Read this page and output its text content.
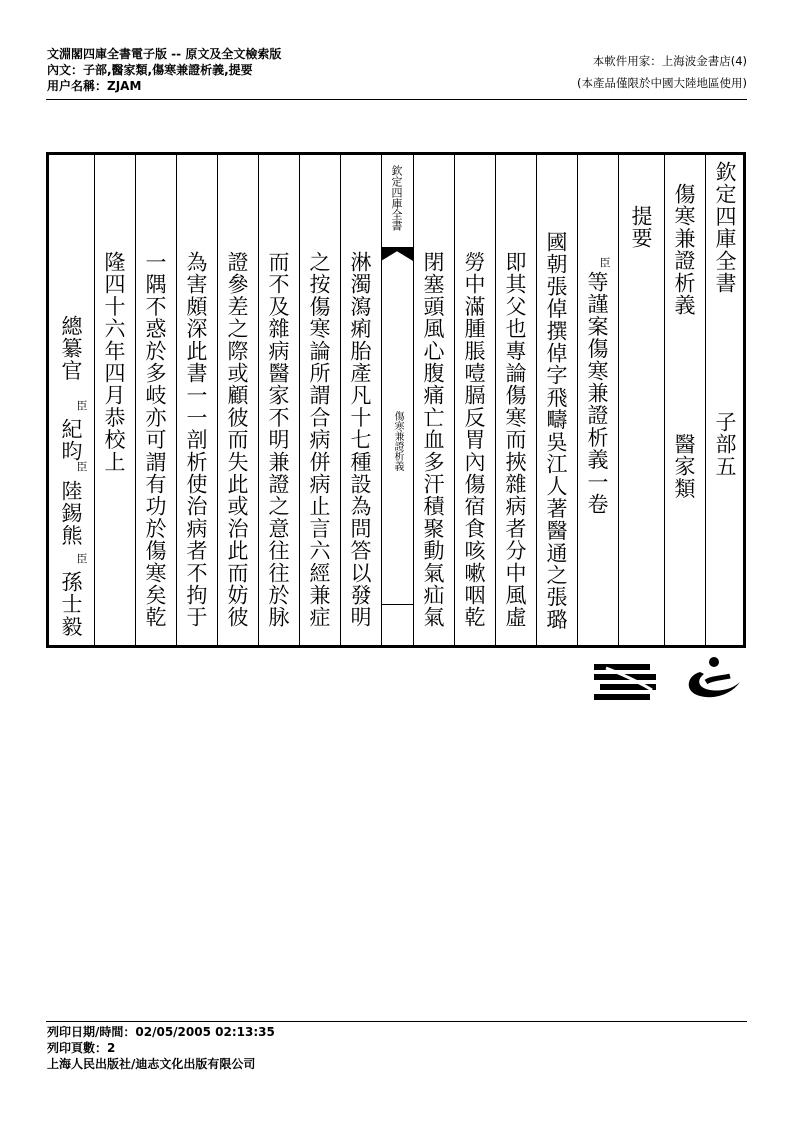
文淵閣四庫全書電子版 -- 原文及全文檢索版
內文：子部,醫家類,傷寒兼證析義,提要
用户名稱：ZJAM
本軟件用家：上海波金書店(4)
(本產品僅限於中國大陸地區使用)
欽定四庫全書
子部五
傷寒兼證析義
醫家類
提要
臣
等謹案傷寒兼證析義一卷
國朝張倬撰倬字飛疇吳江人著醫通之張璐
即其父也專論傷寒而挾雜病者分中風虛
勞中滿腫脹噎膈反胃內傷宿食咳嗽咽乾
閉塞頭風心腹痛亡血多汗積聚動氣疝氣
欽定四庫全書
傷寒兼證析義
淋濁瀉痢胎產凡十七種設為問答以發明
之按傷寒論所謂合病併病止言六經兼症
而不及雜病醫家不明兼證之意往往於脉
證參差之際或顧彼而失此或治此而妨彼
為害頗深此書一一剖析使治病者不拘于
一隅不惑於多岐亦可謂有功於傷寒矣乾
隆四十六年四月恭校上
總纂官
臣
紀昀
臣
陸錫熊
臣
孫士毅
列印日期/時間：02/05/2005 02:13:35
列印頁數：2
上海人民出版社/迪志文化出版有限公司
